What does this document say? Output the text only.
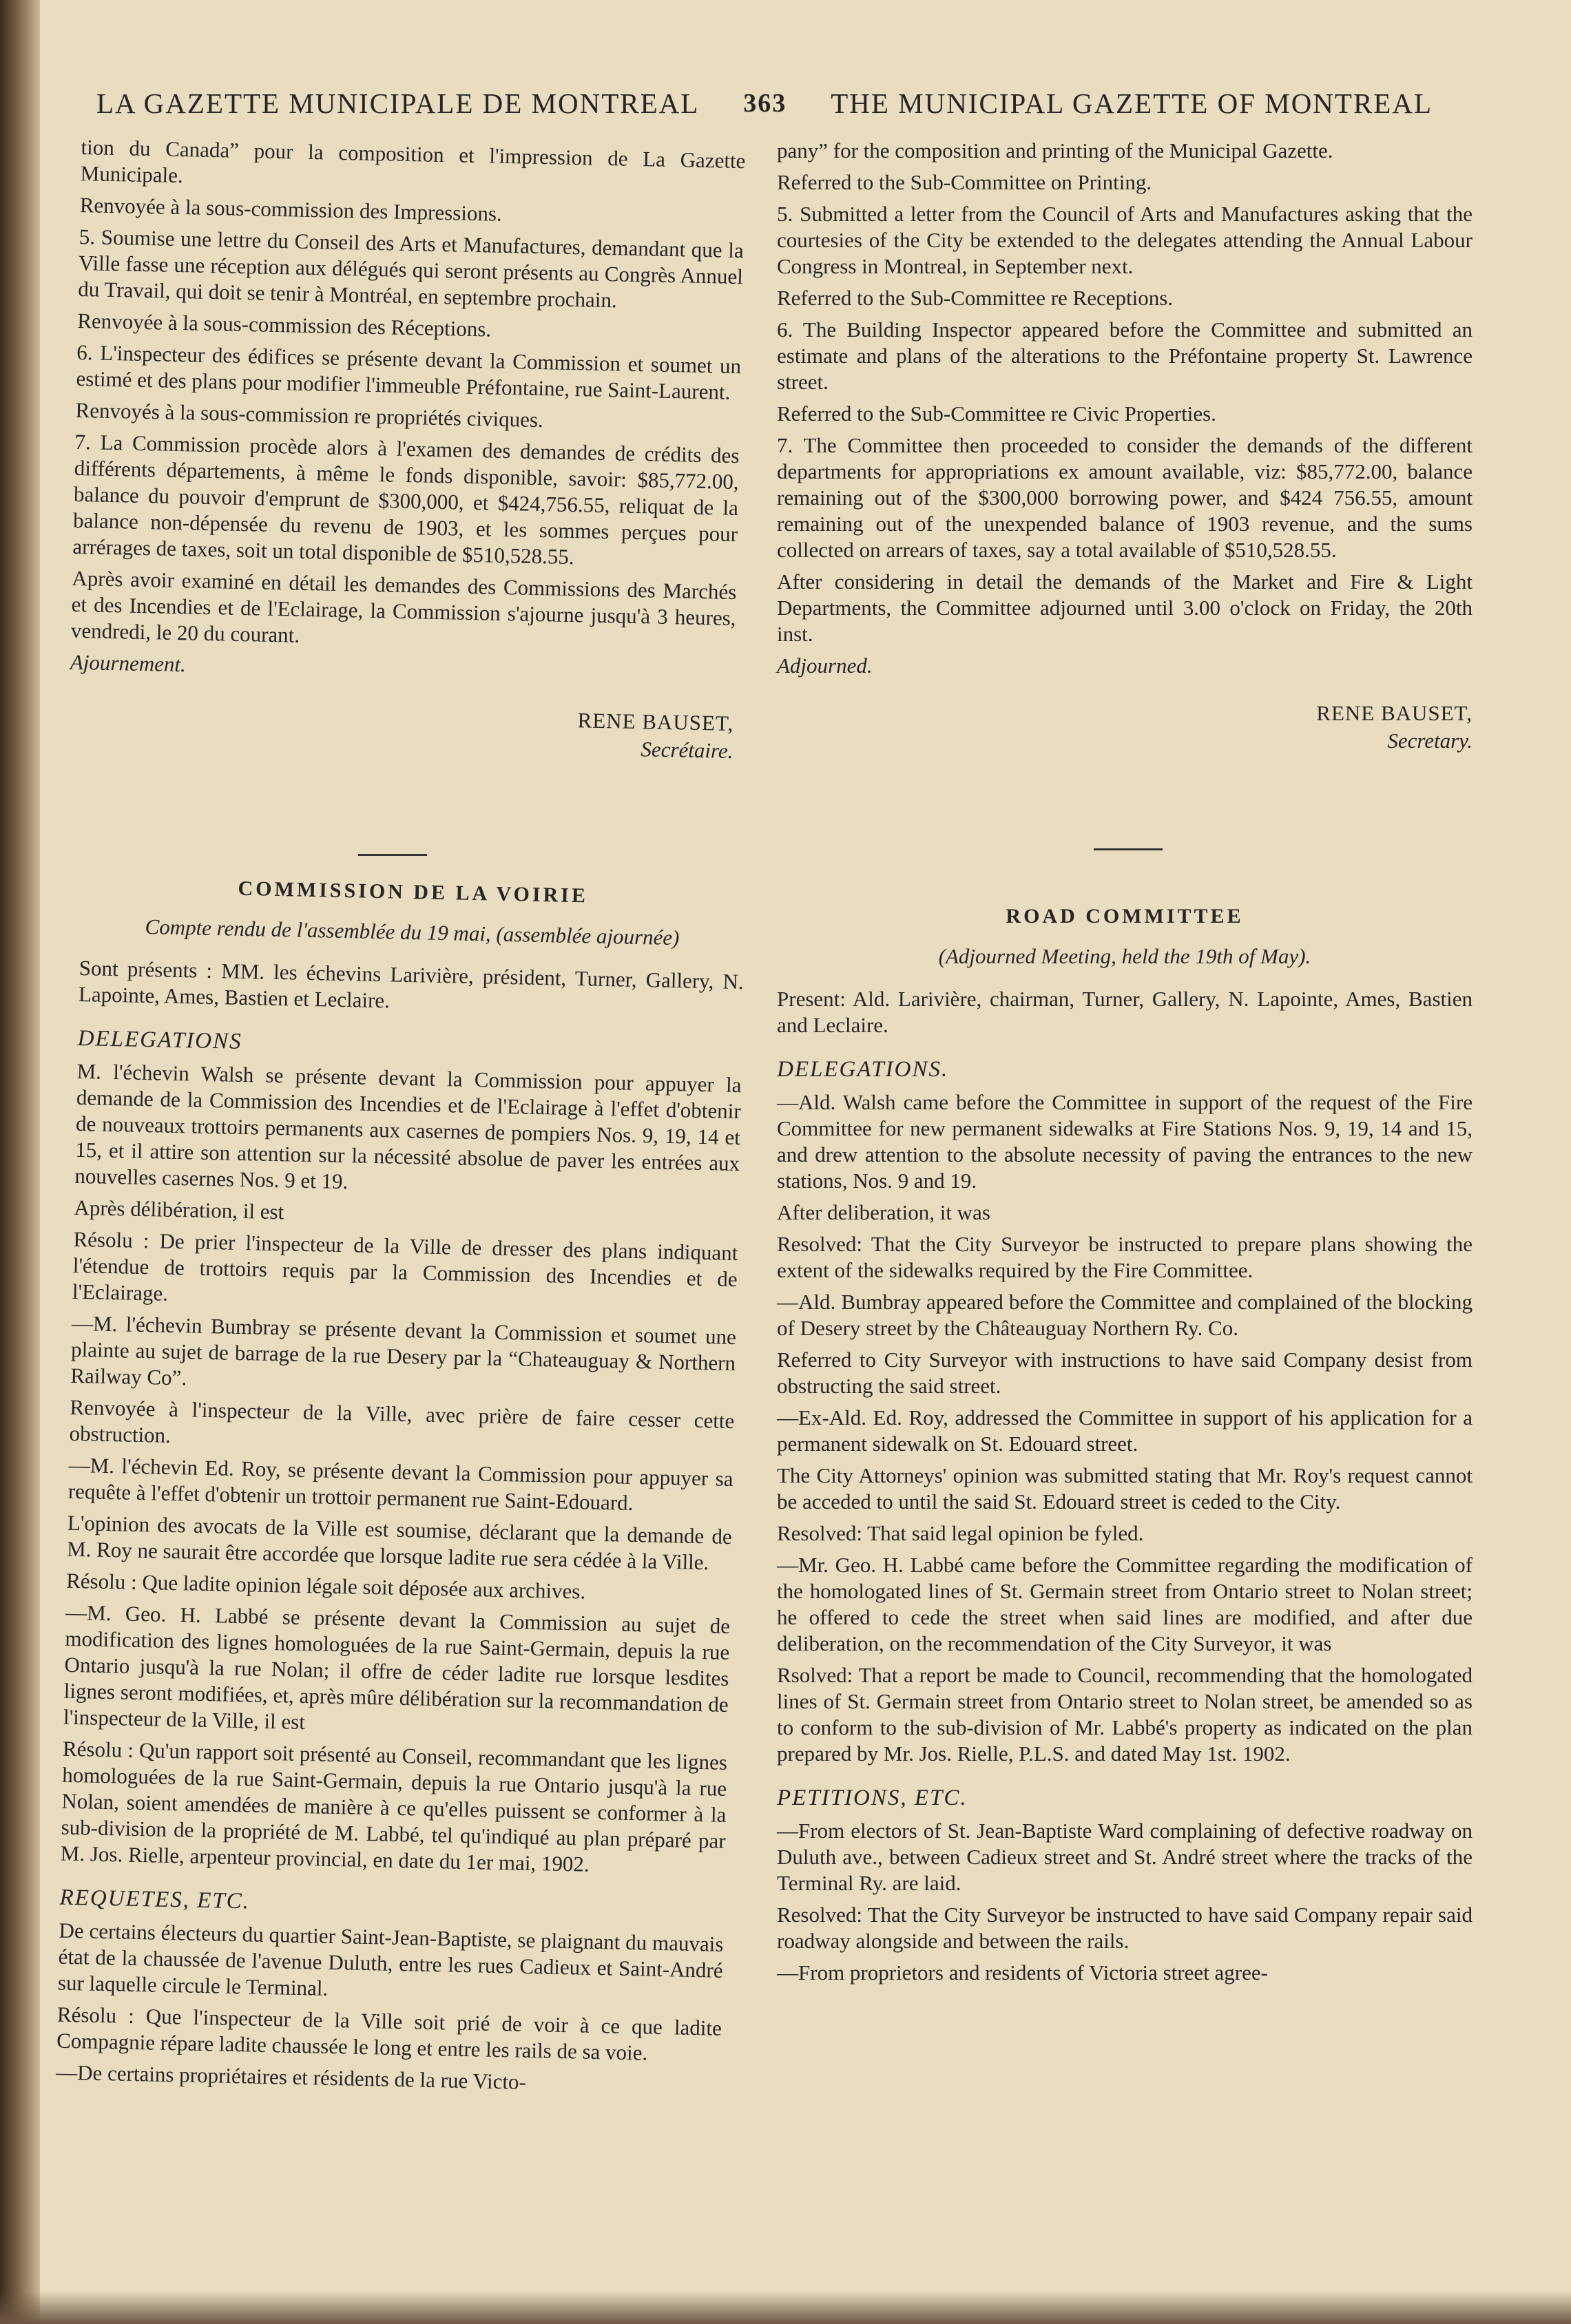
LA GAZETTE MUNICIPALE DE MONTREAL 363 THE MUNICIPAL GAZETTE OF MONTREAL

tion du Canada” pour la composition et l'impression de La Gazette Municipale.

Renvoyée à la sous-commission des Impressions.

5. Soumise une lettre du Conseil des Arts et Manufactures, demandant que la Ville fasse une réception aux délégués qui seront présents au Congrès Annuel du Travail, qui doit se tenir à Montréal, en septembre prochain.

Renvoyée à la sous-commission des Réceptions.

6. L'inspecteur des édifices se présente devant la Commission et soumet un estimé et des plans pour modifier l'immeuble Préfontaine, rue Saint-Laurent.

Renvoyés à la sous-commission re propriétés civiques.

7. La Commission procède alors à l'examen des demandes de crédits des différents départements, à même le fonds disponible, savoir: $85,772.00, balance du pouvoir d'emprunt de $300,000, et $424,756.55, reliquat de la balance non-dépensée du revenu de 1903, et les sommes perçues pour arrérages de taxes, soit un total disponible de $510,528.55.

Après avoir examiné en détail les demandes des Commissions des Marchés et des Incendies et de l'Eclairage, la Commission s'ajourne jusqu'à 3 heures, vendredi, le 20 du courant.

Ajournement.

RENE BAUSET,
Secrétaire.

pany” for the composition and printing of the Municipal Gazette.

Referred to the Sub-Committee on Printing.

5. Submitted a letter from the Council of Arts and Manufactures asking that the courtesies of the City be extended to the delegates attending the Annual Labour Congress in Montreal, in September next.

Referred to the Sub-Committee re Receptions.

6. The Building Inspector appeared before the Committee and submitted an estimate and plans of the alterations to the Préfontaine property St. Lawrence street.

Referred to the Sub-Committee re Civic Properties.

7. The Committee then proceeded to consider the demands of the different departments for appropriations ex amount available, viz: $85,772.00, balance remaining out of the $300,000 borrowing power, and $424 756.55, amount remaining out of the unexpended balance of 1903 revenue, and the sums collected on arrears of taxes, say a total available of $510,528.55.

After considering in detail the demands of the Market and Fire & Light Departments, the Committee adjourned until 3.00 o'clock on Friday, the 20th inst.

Adjourned.

RENE BAUSET,
Secretary.
COMMISSION DE LA VOIRIE
Compte rendu de l'assemblée du 19 mai, (assemblée ajournée)

Sont présents : MM. les échevins Larivière, président, Turner, Gallery, N. Lapointe, Ames, Bastien et Leclaire.

DELEGATIONS

M. l'échevin Walsh se présente devant la Commission pour appuyer la demande de la Commission des Incendies et de l'Eclairage à l'effet d'obtenir de nouveaux trottoirs permanents aux casernes de pompiers Nos. 9, 19, 14 et 15, et il attire son attention sur la nécessité absolue de paver les entrées aux nouvelles casernes Nos. 9 et 19.

Après délibération, il est

Résolu : De prier l'inspecteur de la Ville de dresser des plans indiquant l'étendue de trottoirs requis par la Commission des Incendies et de l'Eclairage.

—M. l'échevin Bumbray se présente devant la Commission et soumet une plainte au sujet de barrage de la rue Desery par la “Chateauguay & Northern Railway Co”.

Renvoyée à l'inspecteur de la Ville, avec prière de faire cesser cette obstruction.

—M. l'échevin Ed. Roy, se présente devant la Commission pour appuyer sa requête à l'effet d'obtenir un trottoir permanent rue Saint-Edouard.

L'opinion des avocats de la Ville est soumise, déclarant que la demande de M. Roy ne saurait être accordée que lorsque ladite rue sera cédée à la Ville.

Résolu : Que ladite opinion légale soit déposée aux archives.

—M. Geo. H. Labbé se présente devant la Commission au sujet de modification des lignes homologuées de la rue Saint-Germain, depuis la rue Ontario jusqu'à la rue Nolan; il offre de céder ladite rue lorsque lesdites lignes seront modifiées, et, après mûre délibération sur la recommandation de l'inspecteur de la Ville, il est

Résolu : Qu'un rapport soit présenté au Conseil, recommandant que les lignes homologuées de la rue Saint-Germain, depuis la rue Ontario jusqu'à la rue Nolan, soient amendées de manière à ce qu'elles puissent se conformer à la sub-division de la propriété de M. Labbé, tel qu'indiqué au plan préparé par M. Jos. Rielle, arpenteur provincial, en date du 1er mai, 1902.

REQUETES, ETC.

De certains électeurs du quartier Saint-Jean-Baptiste, se plaignant du mauvais état de la chaussée de l'avenue Duluth, entre les rues Cadieux et Saint-André sur laquelle circule le Terminal.

Résolu : Que l'inspecteur de la Ville soit prié de voir à ce que ladite Compagnie répare ladite chaussée le long et entre les rails de sa voie.

—De certains propriétaires et résidents de la rue Victo-

ROAD COMMITTEE
(Adjourned Meeting, held the 19th of May).

Present: Ald. Larivière, chairman, Turner, Gallery, N. Lapointe, Ames, Bastien and Leclaire.

DELEGATIONS.

—Ald. Walsh came before the Committee in support of the request of the Fire Committee for new permanent sidewalks at Fire Stations Nos. 9, 19, 14 and 15, and drew attention to the absolute necessity of paving the entrances to the new stations, Nos. 9 and 19.

After deliberation, it was

Resolved: That the City Surveyor be instructed to prepare plans showing the extent of the sidewalks required by the Fire Committee.

—Ald. Bumbray appeared before the Committee and complained of the blocking of Desery street by the Châteauguay Northern Ry. Co.

Referred to City Surveyor with instructions to have said Company desist from obstructing the said street.

—Ex-Ald. Ed. Roy, addressed the Committee in support of his application for a permanent sidewalk on St. Edouard street.

The City Attorneys' opinion was submitted stating that Mr. Roy's request cannot be acceded to until the said St. Edouard street is ceded to the City.

Resolved: That said legal opinion be fyled.

—Mr. Geo. H. Labbé came before the Committee regarding the modification of the homologated lines of St. Germain street from Ontario street to Nolan street; he offered to cede the street when said lines are modified, and after due deliberation, on the recommendation of the City Surveyor, it was

Rsolved: That a report be made to Council, recommending that the homologated lines of St. Germain street from Ontario street to Nolan street, be amended so as to conform to the sub-division of Mr. Labbé's property as indicated on the plan prepared by Mr. Jos. Rielle, P.L.S. and dated May 1st. 1902.

PETITIONS, ETC.

—From electors of St. Jean-Baptiste Ward complaining of defective roadway on Duluth ave., between Cadieux street and St. André street where the tracks of the Terminal Ry. are laid.

Resolved: That the City Surveyor be instructed to have said Company repair said roadway alongside and between the rails.

—From proprietors and residents of Victoria street agree-
